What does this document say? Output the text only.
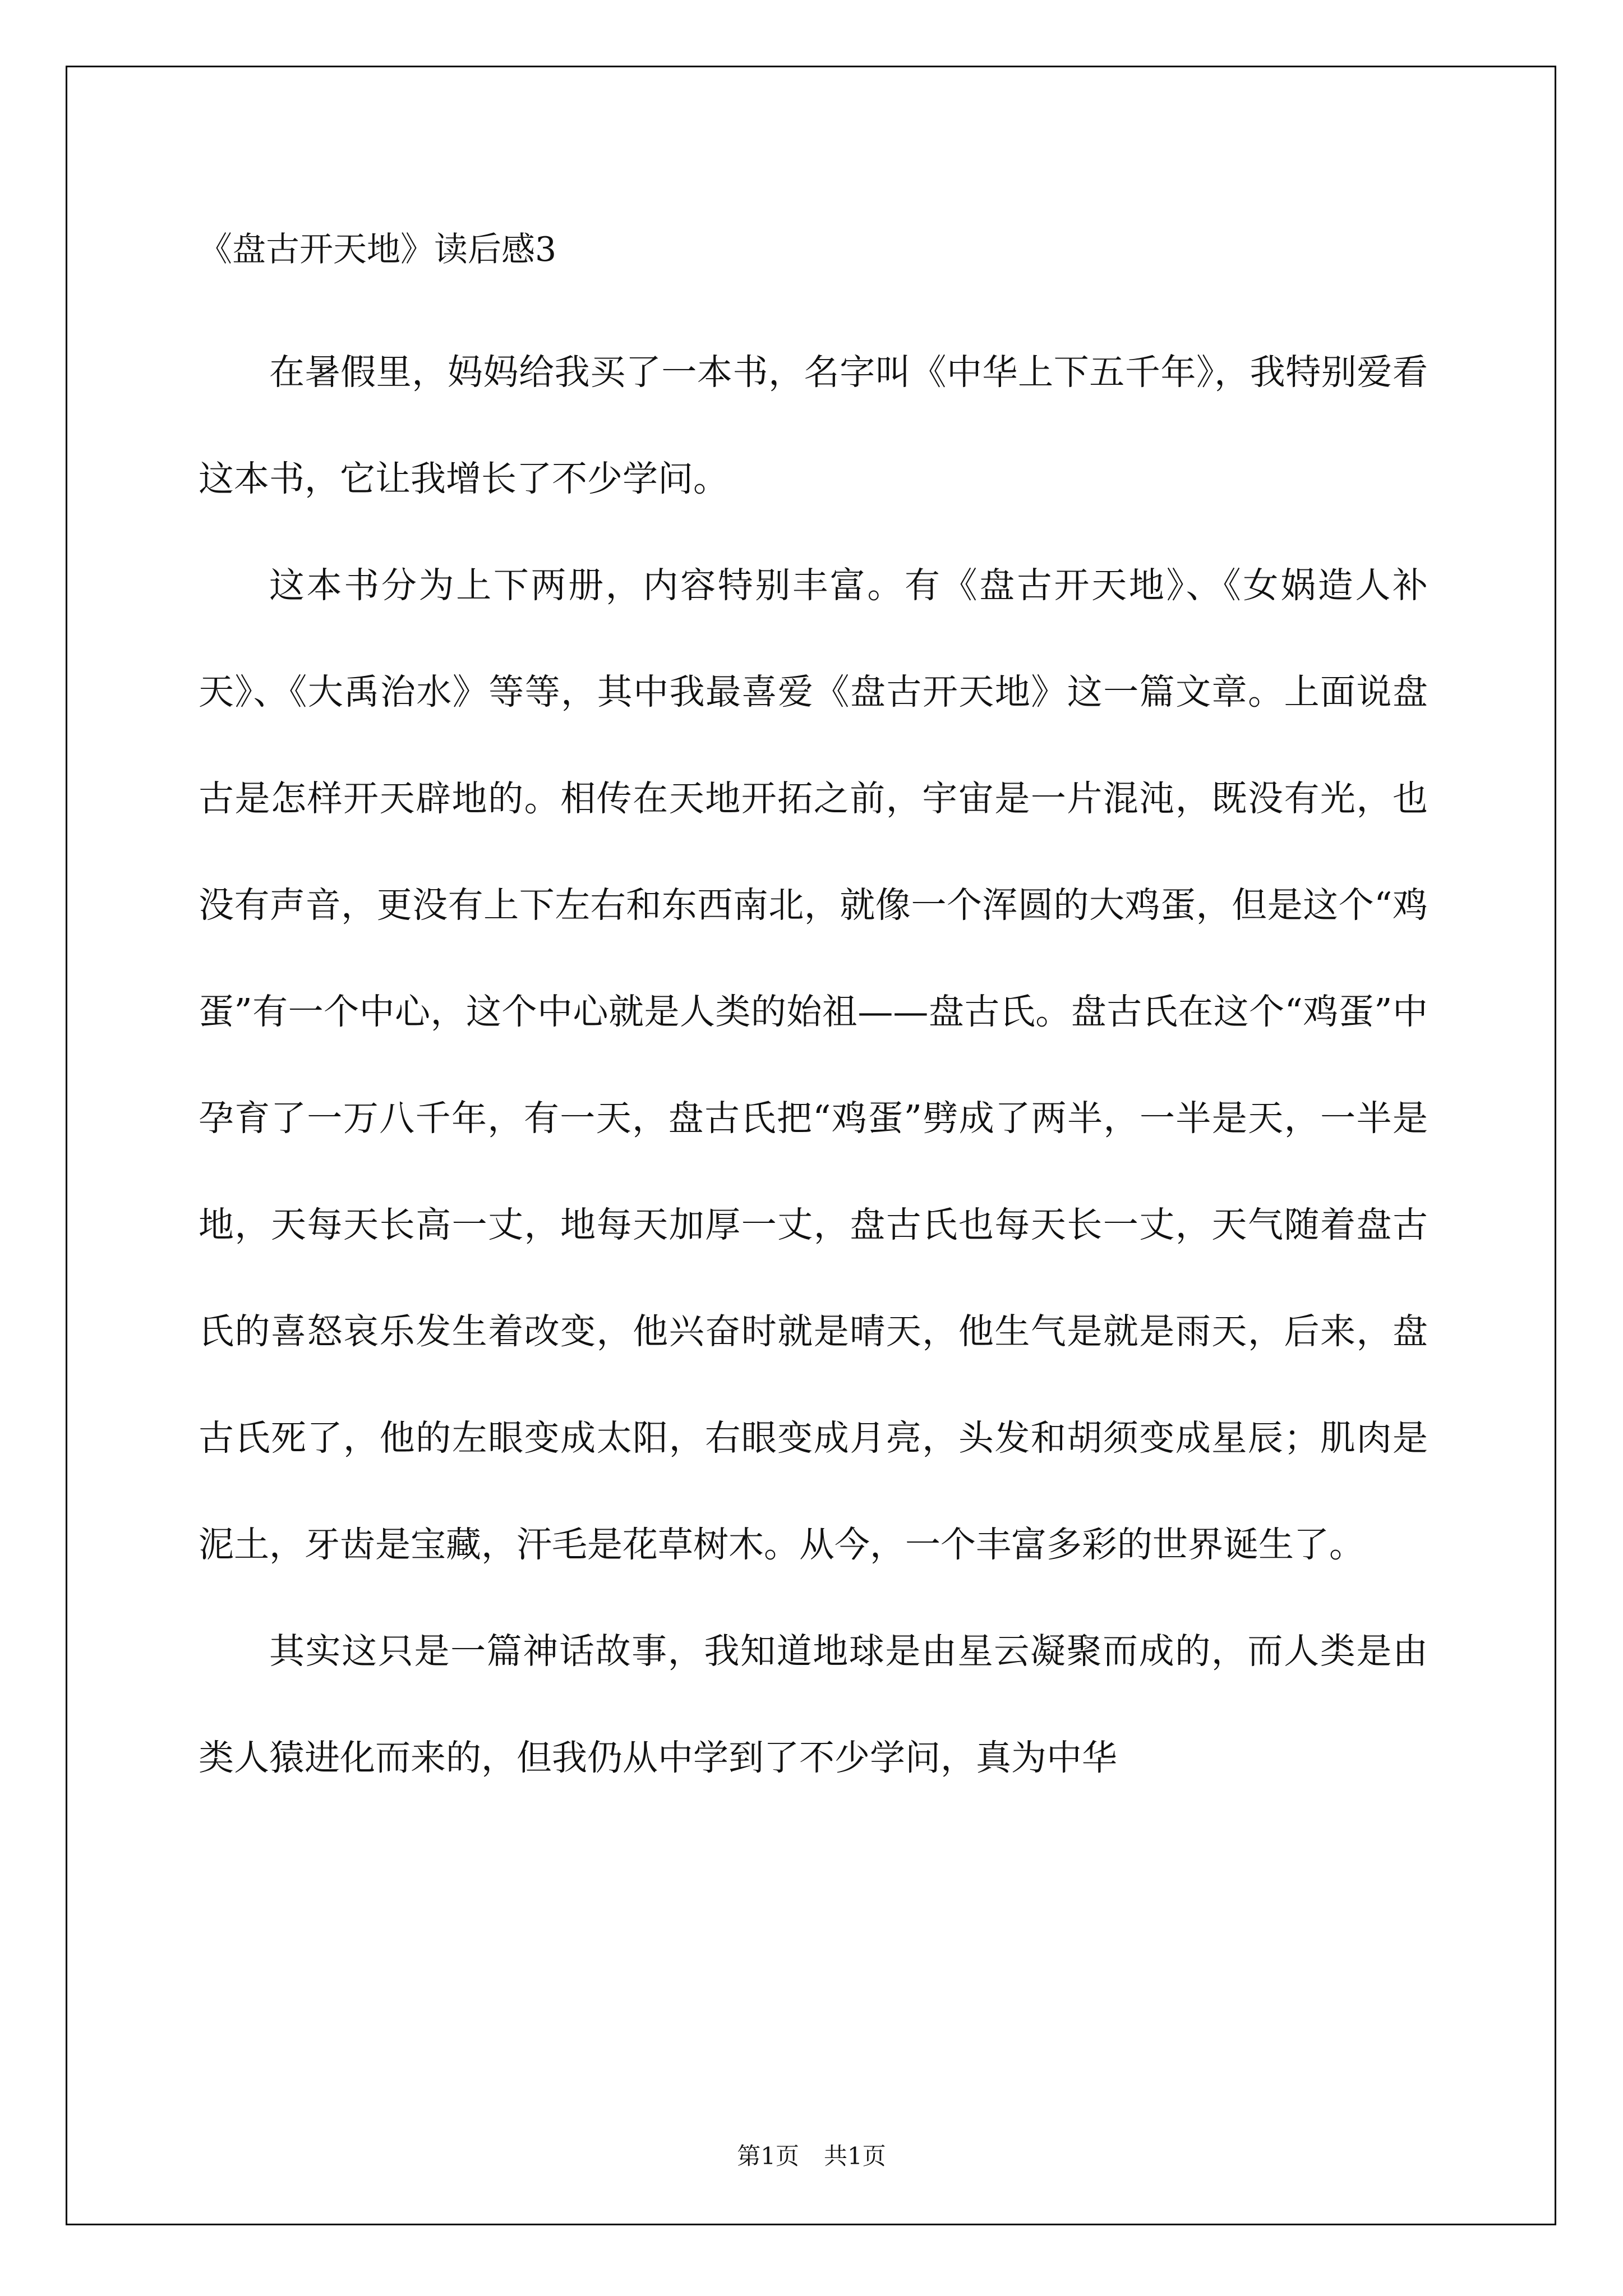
《盘古开天地》读后感3

在暑假里，妈妈给我买了一本书，名字叫《中华上下五千年》，我特别爱看这本书，它让我增长了不少学问。

这本书分为上下两册，内容特别丰富。有《盘古开天地》、《女娲造人补天》、《大禹治水》等等，其中我最喜爱《盘古开天地》这一篇文章。上面说盘古是怎样开天辟地的。相传在天地开拓之前，宇宙是一片混沌，既没有光，也没有声音，更没有上下左右和东西南北，就像一个浑圆的大鸡蛋，但是这个“鸡蛋”有一个中心，这个中心就是人类的始祖——盘古氏。盘古氏在这个“鸡蛋”中孕育了一万八千年，有一天，盘古氏把“鸡蛋”劈成了两半，一半是天，一半是地，天每天长高一丈，地每天加厚一丈，盘古氏也每天长一丈，天气随着盘古氏的喜怒哀乐发生着改变，他兴奋时就是晴天，他生气是就是雨天，后来，盘古氏死了，他的左眼变成太阳，右眼变成月亮，头发和胡须变成星辰；肌肉是泥土，牙齿是宝藏，汗毛是花草树木。从今，一个丰富多彩的世界诞生了。

其实这只是一篇神话故事，我知道地球是由星云凝聚而成的，而人类是由类人猿进化而来的，但我仍从中学到了不少学问，真为中华

第1页 共1页
